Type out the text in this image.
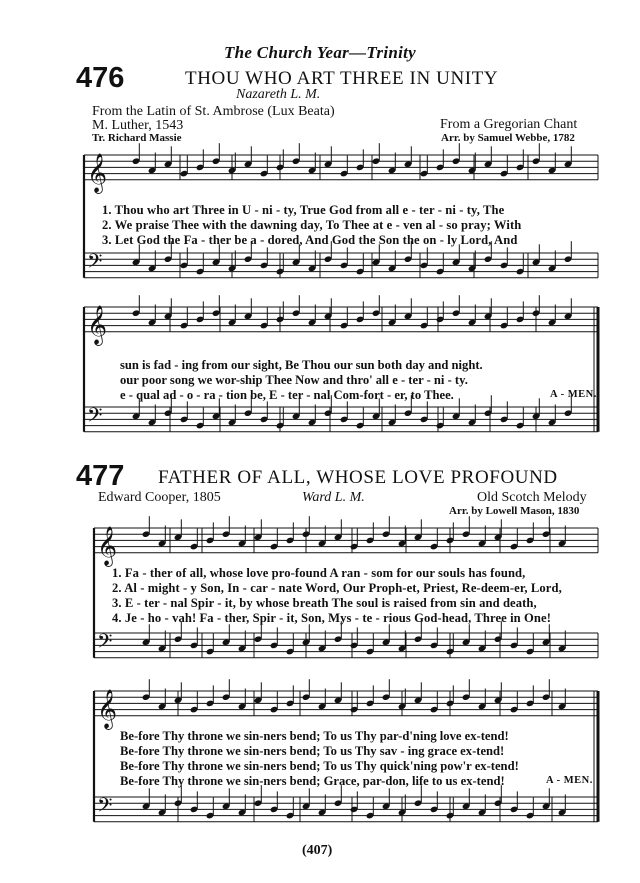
The Church Year—Trinity
476	THOU WHO ART THREE IN UNITY
Nazareth L. M.
From the Latin of St. Ambrose (Lux Beata)
M. Luther, 1543
Tr. Richard Massie
From a Gregorian Chant
Arr. by Samuel Webbe, 1782
1. Thou who art Three in U - ni - ty, True God from all e - ter - ni - ty, The
2. We praise Thee with the dawning day, To Thee at e - ven al - so pray; With
3. Let God the Fa - ther be a - dored, And God the Son the on - ly Lord, And
sun is fad - ing from our sight, Be Thou our sun both day and night.
our poor song we wor-ship Thee Now and thro' all e - ter - ni - ty.
e - qual ad - o - ra - tion be, E - ter - nal Com-fort - er, to Thee.	A - MEN.
477 FATHER OF ALL, WHOSE LOVE PROFOUND
Edward Cooper, 1805	Ward L. M.	Old Scotch Melody
Arr. by Lowell Mason, 1830
1. Fa - ther of all, whose love pro-found A ran - som for our souls has found,
2. Al - might - y Son, In - car - nate Word, Our Proph-et, Priest, Re-deem-er, Lord,
3. E - ter - nal Spir - it, by whose breath The soul is raised from sin and death,
4. Je - ho - vah! Fa - ther, Spir - it, Son, Mys - te - rious God-head, Three in One!
Be-fore Thy throne we sin-ners bend; To us Thy par-d'ning love ex-tend!
Be-fore Thy throne we sin-ners bend; To us Thy sav - ing grace ex-tend!
Be-fore Thy throne we sin-ners bend; To us Thy quick'ning pow'r ex-tend!
Be-fore Thy throne we sin-ners bend; Grace, par-don, life to us ex-tend!	A - MEN.
(407)
𝄞
𝄢
𝄞
𝄢
𝄞
𝄢
𝄞
𝄢
